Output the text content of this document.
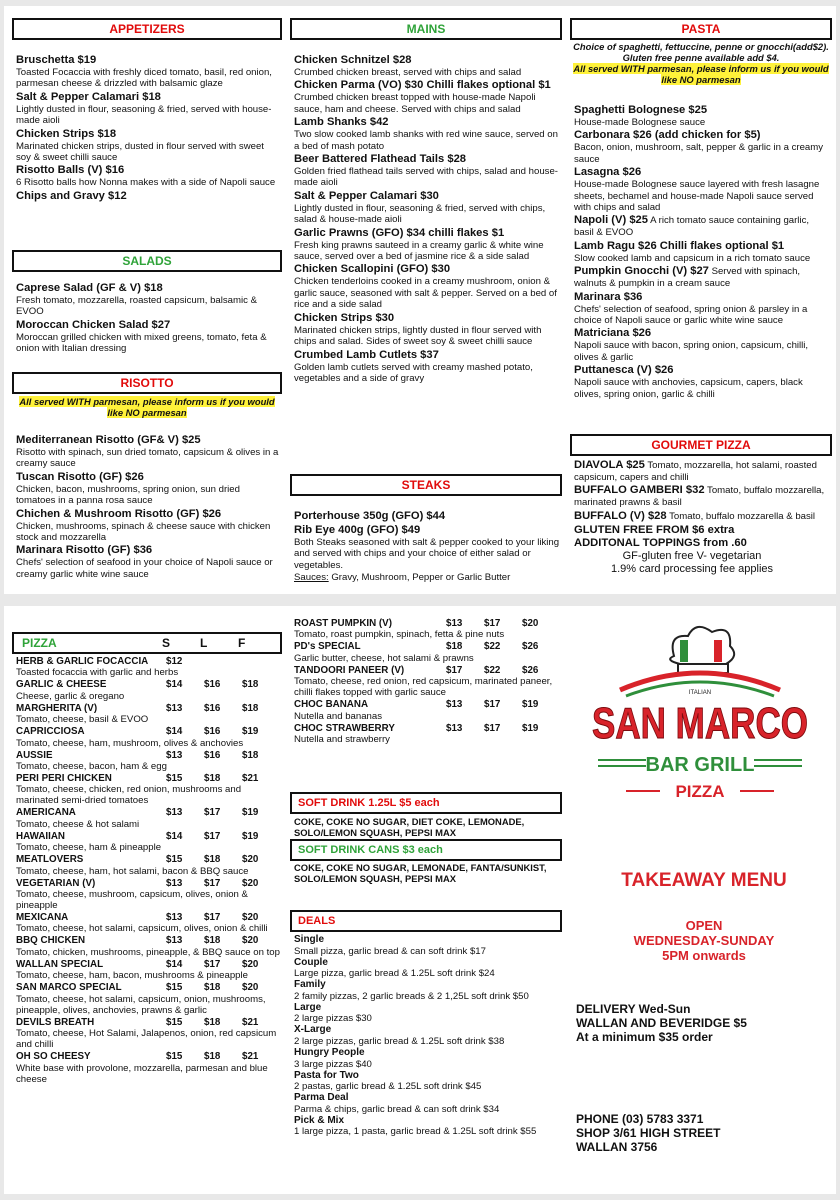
APPETIZERS
Bruschetta $19
Toasted Focaccia with freshly diced tomato, basil, red onion, parmesan cheese & drizzled with balsamic glaze
Salt & Pepper Calamari $18
Lightly dusted in flour, seasoning & fried, served with house-made aioli
Chicken Strips $18
Marinated chicken strips, dusted in flour served with sweet soy & sweet chilli sauce
Risotto Balls (V) $16
6 Risotto balls how Nonna makes with a side of Napoli sauce
Chips and Gravy $12
SALADS
Caprese Salad (GF & V) $18
Fresh tomato, mozzarella, roasted capsicum, balsamic & EVOO
Moroccan Chicken Salad $27
Moroccan grilled chicken with mixed greens, tomato, feta & onion with Italian dressing
RISOTTO
All served WITH parmesan, please inform us if you would like NO parmesan
Mediterranean Risotto (GF& V) $25
Risotto with spinach, sun dried tomato, capsicum & olives in a creamy sauce
Tuscan Risotto (GF) $26
Chicken, bacon, mushrooms, spring onion, sun dried tomatoes in a panna rosa sauce
Chichen & Mushroom Risotto (GF) $26
Chicken, mushrooms, spinach & cheese sauce with chicken stock and mozzarella
Marinara Risotto (GF) $36
Chefs' selection of seafood in your choice of Napoli sauce or creamy garlic white wine sauce
MAINS
Chicken Schnitzel $28
Crumbed chicken breast, served with chips and salad
Chicken Parma (VO) $30 Chilli flakes optional $1
Crumbed chicken breast topped with house-made Napoli sauce, ham and cheese. Served with chips and salad
Lamb Shanks $42
Two slow cooked lamb shanks with red wine sauce, served on a bed of mash potato
Beer Battered Flathead Tails $28
Golden fried flathead tails served with chips, salad and house-made aioli
Salt & Pepper Calamari $30
Lightly dusted in flour, seasoning & fried, served with chips, salad & house-made aioli
Garlic Prawns (GFO) $34 chilli flakes $1
Fresh king prawns sauteed in a creamy garlic & white wine sauce, served over a bed of jasmine rice & a side salad
Chicken Scallopini (GFO) $30
Chicken tenderloins cooked in a creamy mushroom, onion & garlic sauce, seasoned with salt & pepper. Served on a bed of rice and a side salad
Chicken Strips $30
Marinated chicken strips, lightly dusted in flour served with chips and salad. Sides of sweet soy & sweet chilli sauce
Crumbed Lamb Cutlets $37
Golden lamb cutlets served with creamy mashed potato, vegetables and a side of gravy
STEAKS
Porterhouse 350g (GFO) $44
Rib Eye 400g (GFO) $49
Both Steaks seasoned with salt & pepper cooked to your liking and served with chips and your choice of either salad or vegetables.
Sauces: Gravy, Mushroom, Pepper or Garlic Butter
PASTA
Choice of spaghetti, fettuccine, penne or gnocchi(add$2).
Gluten free penne available add $4.
All served WITH parmesan, please inform us if you would like NO parmesan
Spaghetti Bolognese $25
House-made Bolognese sauce
Carbonara $26 (add chicken for $5)
Bacon, onion, mushroom, salt, pepper & garlic in a creamy sauce
Lasagna $26
House-made Bolognese sauce layered with fresh lasagne sheets, bechamel and house-made Napoli sauce served with chips and salad
Napoli (V) $25 A rich tomato sauce containing garlic, basil & EVOO
Lamb Ragu $26 Chilli flakes optional $1
Slow cooked lamb and capsicum in a rich tomato sauce
Pumpkin Gnocchi (V) $27 Served with spinach, walnuts & pumpkin in a cream sauce
Marinara $36
Chefs' selection of seafood, spring onion & parsley in a choice of Napoli sauce or garlic white wine sauce
Matriciana $26
Napoli sauce with bacon, spring onion, capsicum, chilli, olives & garlic
Puttanesca (V) $26
Napoli sauce with anchovies, capsicum, capers, black olives, spring onion, garlic & chilli
GOURMET PIZZA
DIAVOLA $25 Tomato, mozzarella, hot salami, roasted capsicum, capers and chilli
BUFFALO GAMBERI $32 Tomato, buffalo mozzarella, marinated prawns & basil
BUFFALO (V) $28 Tomato, buffalo mozzarella & basil
GLUTEN FREE FROM $6 extra
ADDITONAL TOPPINGS from .60
GF-gluten free V- vegetarian
1.9% card processing fee applies
PIZZA	S	L	F
HERB & GARLIC FOCACCIA	$12
Toasted focaccia with garlic and herbs
GARLIC & CHEESE	$14	$16	$18
Cheese, garlic & oregano
MARGHERITA (V)	$13	$16	$18
Tomato, cheese, basil & EVOO
CAPRICCIOSA	$14	$16	$19
Tomato, cheese, ham, mushroom, olives & anchovies
AUSSIE	$13	$16	$18
Tomato, cheese, bacon, ham & egg
PERI PERI CHICKEN	$15	$18	$21
Tomato, cheese, chicken, red onion, mushrooms and marinated semi-dried tomatoes
AMERICANA	$13	$17	$19
Tomato, cheese & hot salami
HAWAIIAN	$14	$17	$19
Tomato, cheese, ham & pineapple
MEATLOVERS	$15	$18	$20
Tomato, cheese, ham, hot salami, bacon & BBQ sauce
VEGETARIAN (V)	$13	$17	$20
Tomato, cheese, mushroom, capsicum, olives, onion & pineapple
MEXICANA	$13	$17	$20
Tomato, cheese, hot salami, capsicum, olives, onion & chilli
BBQ CHICKEN	$13	$18	$20
Tomato, chicken, mushrooms, pineapple, & BBQ sauce on top
WALLAN SPECIAL	$14	$17	$20
Tomato, cheese, ham, bacon, mushrooms & pineapple
SAN MARCO SPECIAL	$15	$18	$20
Tomato, cheese, hot salami, capsicum, onion, mushrooms, pineapple, olives, anchovies, prawns & garlic
DEVILS BREATH	$15	$18	$21
Tomato, cheese, Hot Salami, Jalapenos, onion, red capsicum and chilli
OH SO CHEESY	$15	$18	$21
White base with provolone, mozzarella, parmesan and blue cheese
ROAST PUMPKIN (V)	$13	$17	$20
Tomato, roast pumpkin, spinach, fetta & pine nuts
PD's SPECIAL	$18	$22	$26
Garlic butter, cheese, hot salami & prawns
TANDOORI PANEER (V)	$17	$22	$26
Tomato, cheese, red onion, red capsicum, marinated paneer, chilli flakes topped with garlic sauce
CHOC BANANA	$13	$17	$19
Nutella and bananas
CHOC STRAWBERRY	$13	$17	$19
Nutella and strawberry
SOFT DRINK 1.25L $5 each
COKE, COKE NO SUGAR, DIET COKE, LEMONADE, SOLO/LEMON SQUASH, PEPSI MAX
SOFT DRINK CANS $3 each
COKE, COKE NO SUGAR, LEMONADE, FANTA/SUNKIST, SOLO/LEMON SQUASH, PEPSI MAX
DEALS
Single
Small pizza, garlic bread & can soft drink $17
Couple
Large pizza, garlic bread & 1.25L soft drink $24
Family
2 family pizzas, 2 garlic breads & 2 1,25L soft drink $50
Large
2 large pizzas $30
X-Large
2 large pizzas, garlic bread & 1.25L soft drink $38
Hungry People
3 large pizzas $40
Pasta for Two
2 pastas, garlic bread & 1.25L soft drink $45
Parma Deal
Parma & chips, garlic bread & can soft drink $34
Pick & Mix
1 large pizza, 1 pasta, garlic bread & 1.25L soft drink $55
ITALIAN
SAN MARCO
BAR GRILL
PIZZA
TAKEAWAY MENU
OPEN
WEDNESDAY-SUNDAY
5PM onwards
DELIVERY Wed-Sun
WALLAN AND BEVERIDGE $5
At a minimum $35 order
PHONE (03) 5783 3371
SHOP 3/61 HIGH STREET
WALLAN 3756
